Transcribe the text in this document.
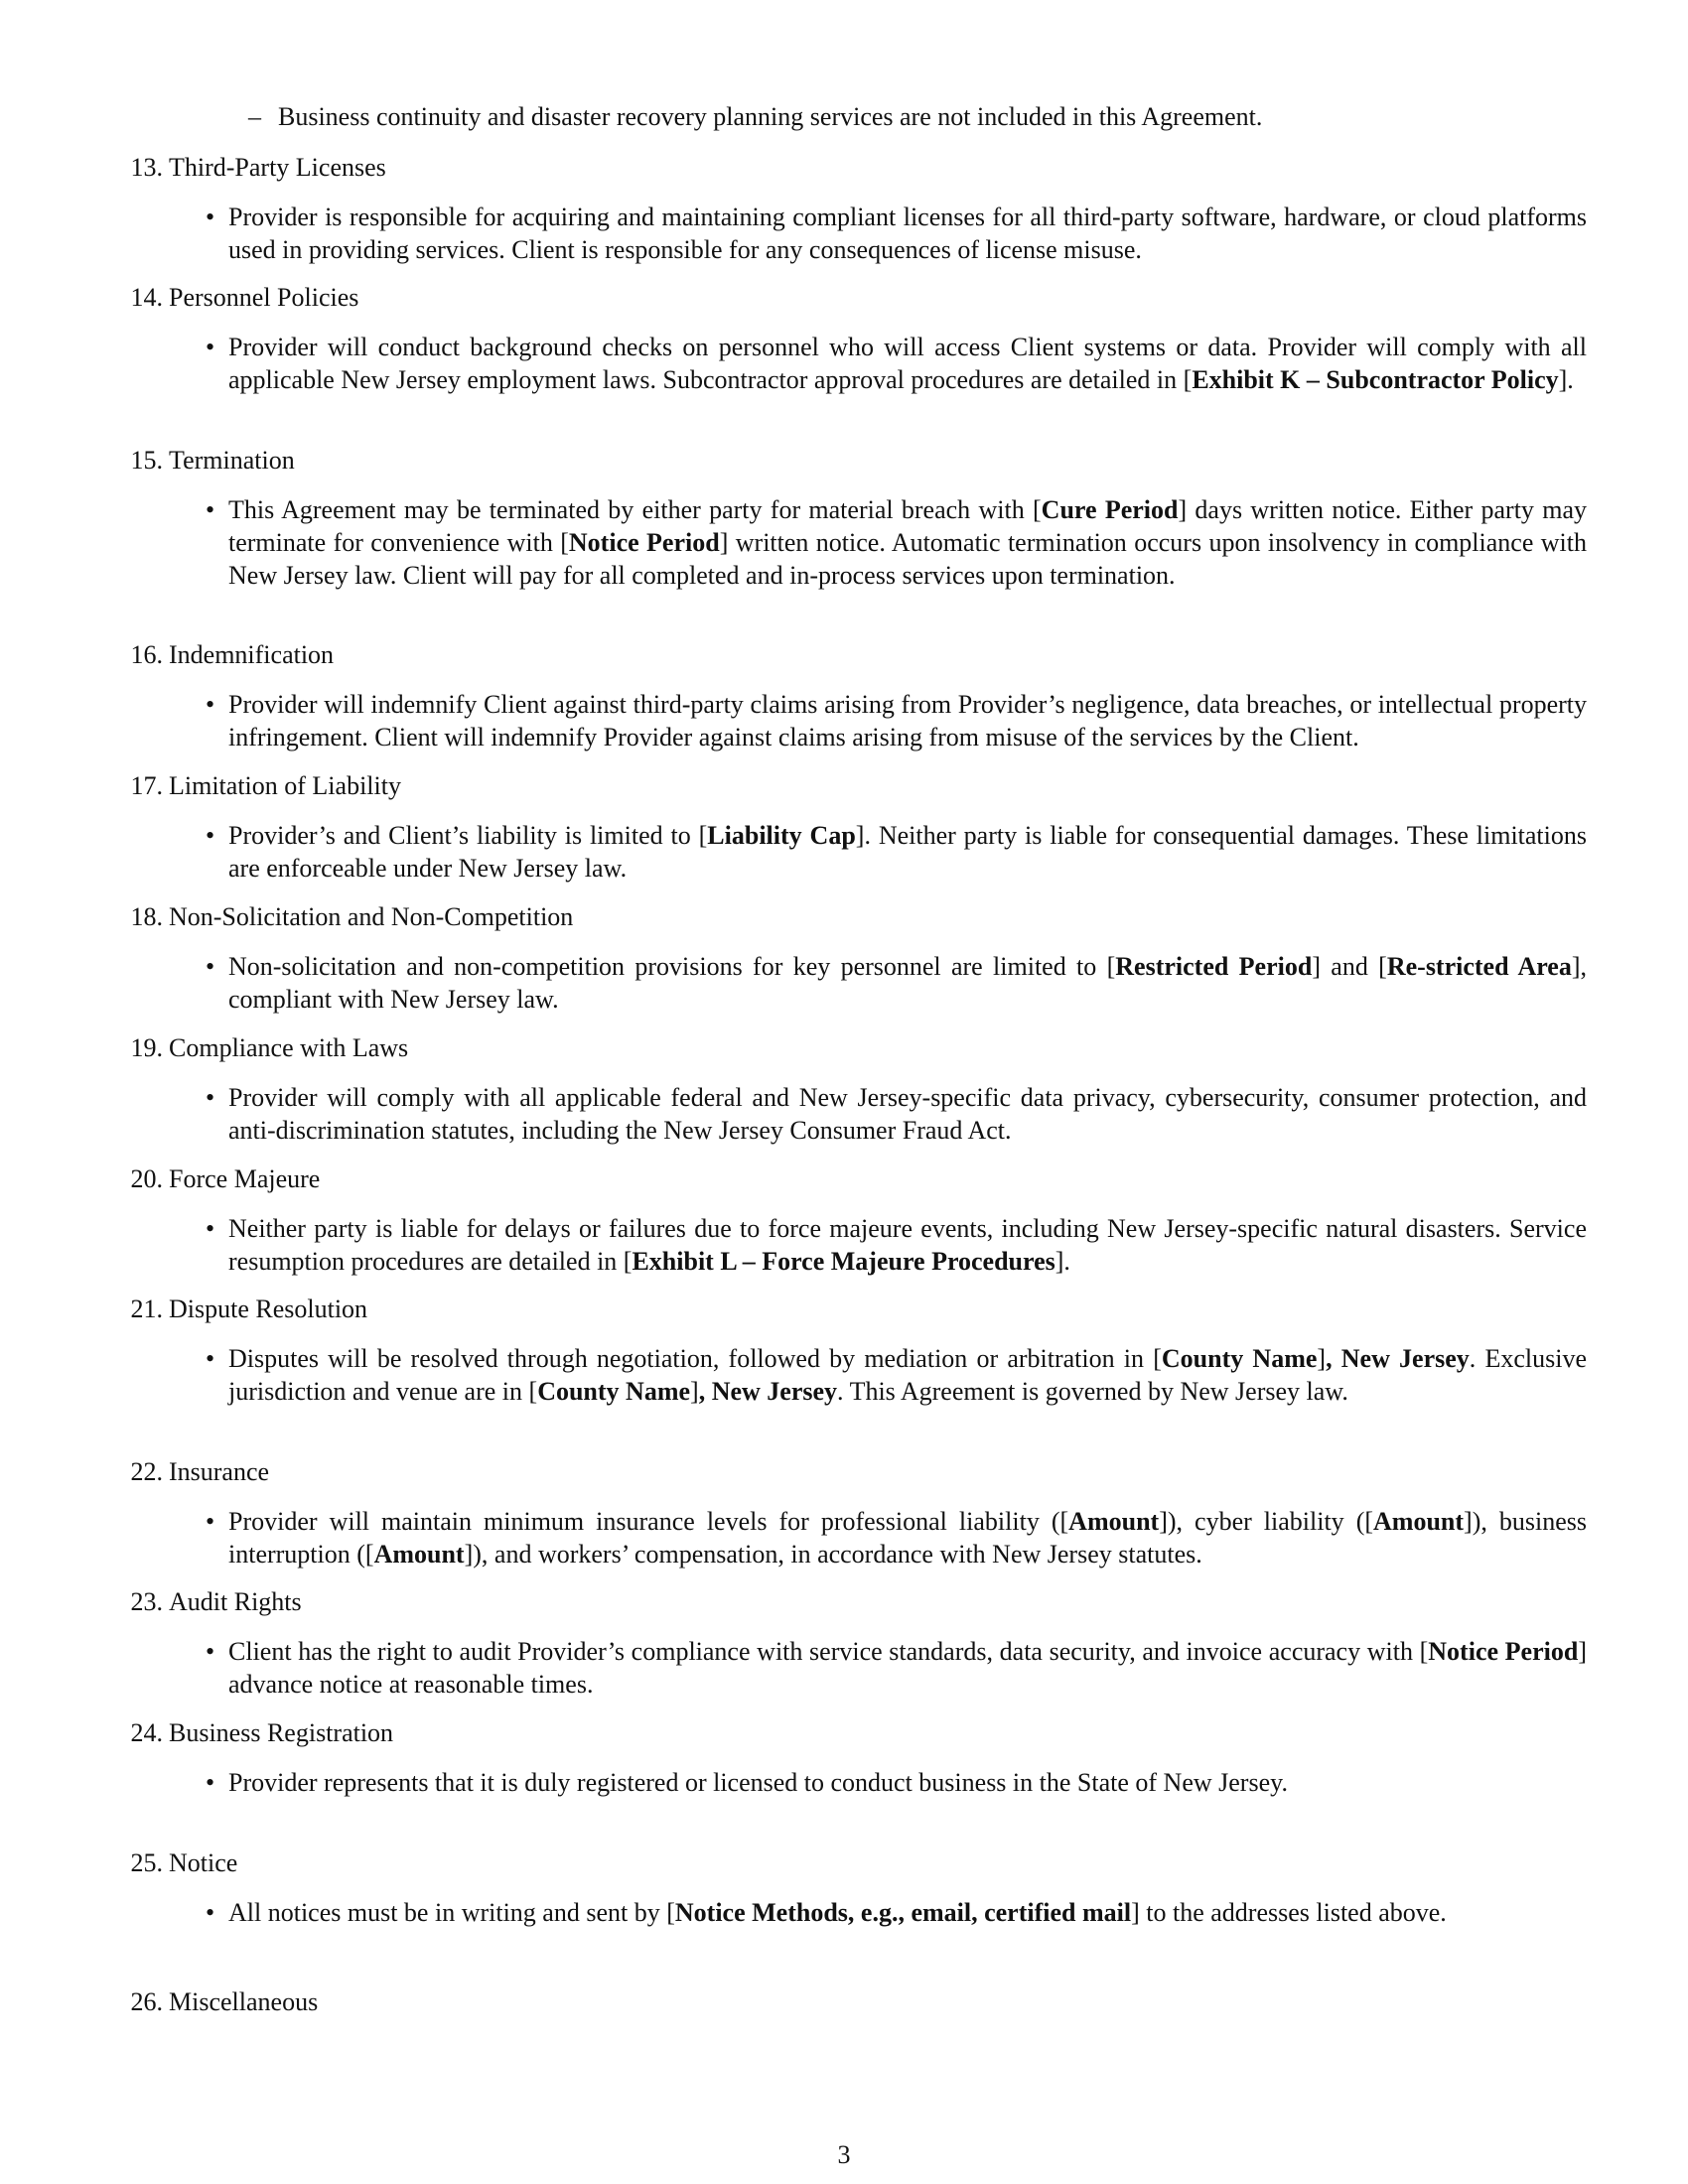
– Business continuity and disaster recovery planning services are not included in this Agreement.
13. Third-Party Licenses
• Provider is responsible for acquiring and maintaining compliant licenses for all third-party software, hardware, or cloud platforms used in providing services. Client is responsible for any consequences of license misuse.
14. Personnel Policies
• Provider will conduct background checks on personnel who will access Client systems or data. Provider will comply with all applicable New Jersey employment laws. Subcontractor approval procedures are detailed in [Exhibit K – Subcontractor Policy].
15. Termination
• This Agreement may be terminated by either party for material breach with [Cure Period] days written notice. Either party may terminate for convenience with [Notice Period] written notice. Automatic termination occurs upon insolvency in compliance with New Jersey law. Client will pay for all completed and in-process services upon termination.
16. Indemnification
• Provider will indemnify Client against third-party claims arising from Provider’s negligence, data breaches, or intellectual property infringement. Client will indemnify Provider against claims arising from misuse of the services by the Client.
17. Limitation of Liability
• Provider’s and Client’s liability is limited to [Liability Cap]. Neither party is liable for consequential damages. These limitations are enforceable under New Jersey law.
18. Non-Solicitation and Non-Competition
• Non-solicitation and non-competition provisions for key personnel are limited to [Restricted Period] and [Re-stricted Area], compliant with New Jersey law.
19. Compliance with Laws
• Provider will comply with all applicable federal and New Jersey-specific data privacy, cybersecurity, consumer protection, and anti-discrimination statutes, including the New Jersey Consumer Fraud Act.
20. Force Majeure
• Neither party is liable for delays or failures due to force majeure events, including New Jersey-specific natural disasters. Service resumption procedures are detailed in [Exhibit L – Force Majeure Procedures].
21. Dispute Resolution
• Disputes will be resolved through negotiation, followed by mediation or arbitration in [County Name], New Jersey. Exclusive jurisdiction and venue are in [County Name], New Jersey. This Agreement is governed by New Jersey law.
22. Insurance
• Provider will maintain minimum insurance levels for professional liability ([Amount]), cyber liability ([Amount]), business interruption ([Amount]), and workers’ compensation, in accordance with New Jersey statutes.
23. Audit Rights
• Client has the right to audit Provider’s compliance with service standards, data security, and invoice accuracy with [Notice Period] advance notice at reasonable times.
24. Business Registration
• Provider represents that it is duly registered or licensed to conduct business in the State of New Jersey.
25. Notice
• All notices must be in writing and sent by [Notice Methods, e.g., email, certified mail] to the addresses listed above.
26. Miscellaneous
3
